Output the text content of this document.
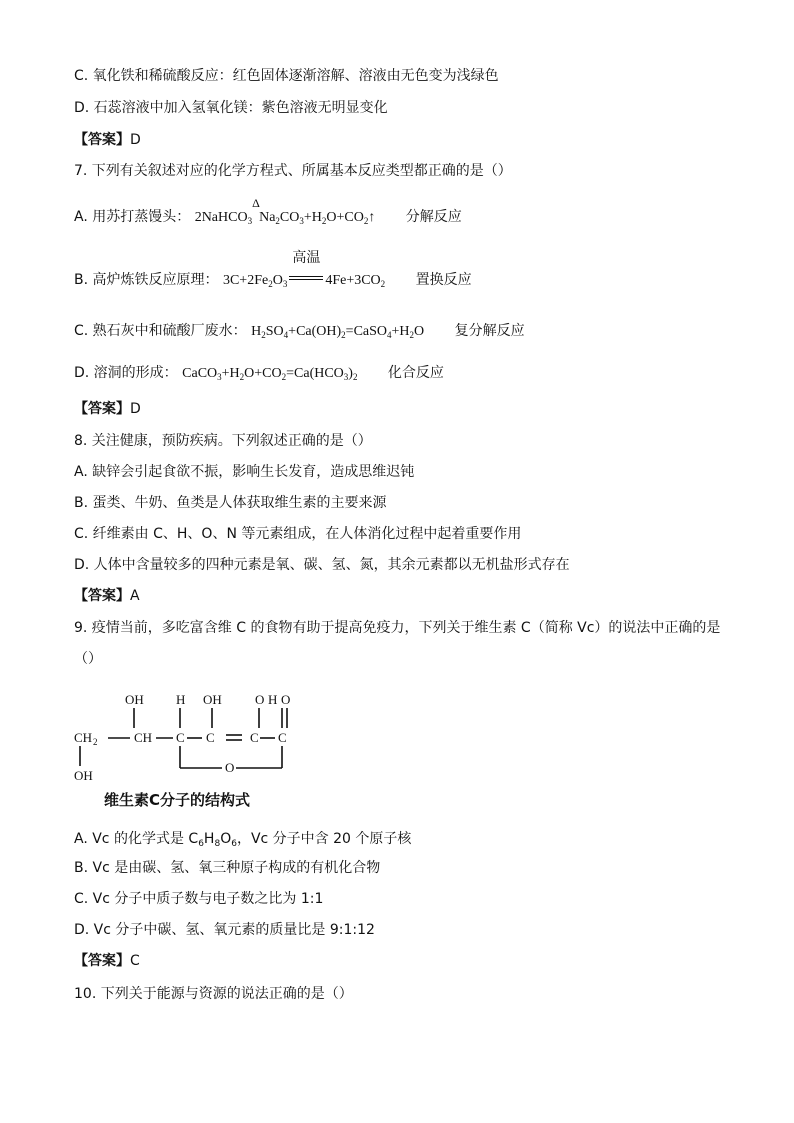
C. 氧化铁和稀硫酸反应：红色固体逐渐溶解、溶液由无色变为浅绿色
D. 石蕊溶液中加入氢氧化镁：紫色溶液无明显变化
【答案】D
7. 下列有关叙述对应的化学方程式、所属基本反应类型都正确的是（）
A. 用苏打蒸馒头： 2NaHCO$_3$
Δ
$Na_2CO_3+H_2O+CO_2↑$ 分解反应
B. 高炉炼铁反应原理： $3C+2Fe_2O_3$
高温
$4Fe+3CO_2$ 置换反应
C. 熟石灰中和硫酸厂废水： $H_2SO_4+Ca(OH)_2=CaSO_4+H_2O$ 复分解反应
D. 溶洞的形成： $CaCO_3+H_2O+CO_2=Ca(HCO_3)_2$ 化合反应
【答案】D
8. 关注健康，预防疾病。下列叙述正确的是（）
A. 缺锌会引起食欲不振，影响生长发育，造成思维迟钝
B. 蛋类、牛奶、鱼类是人体获取维生素的主要来源
C. 纤维素由 C、H、O、N 等元素组成，在人体消化过程中起着重要作用
D. 人体中含量较多的四种元素是氧、碳、氢、氮，其余元素都以无机盐形式存在
【答案】A
9. 疫情当前，多吃富含维 C 的食物有助于提高免疫力，下列关于维生素 C（简称 Vc）的说法中正确的是
（）
OH H OH	O H O
CH 2	CH C C	C C
O
OH
维生素C分子的结构式
A. Vc 的化学式是 $C_6H_8O_6$，Vc 分子中含 20 个原子核
B. Vc 是由碳、氢、氧三种原子构成的有机化合物
C. Vc 分子中质子数与电子数之比为 1:1
D. Vc 分子中碳、氢、氧元素的质量比是 9:1:12
【答案】C
10. 下列关于能源与资源的说法正确的是（）
